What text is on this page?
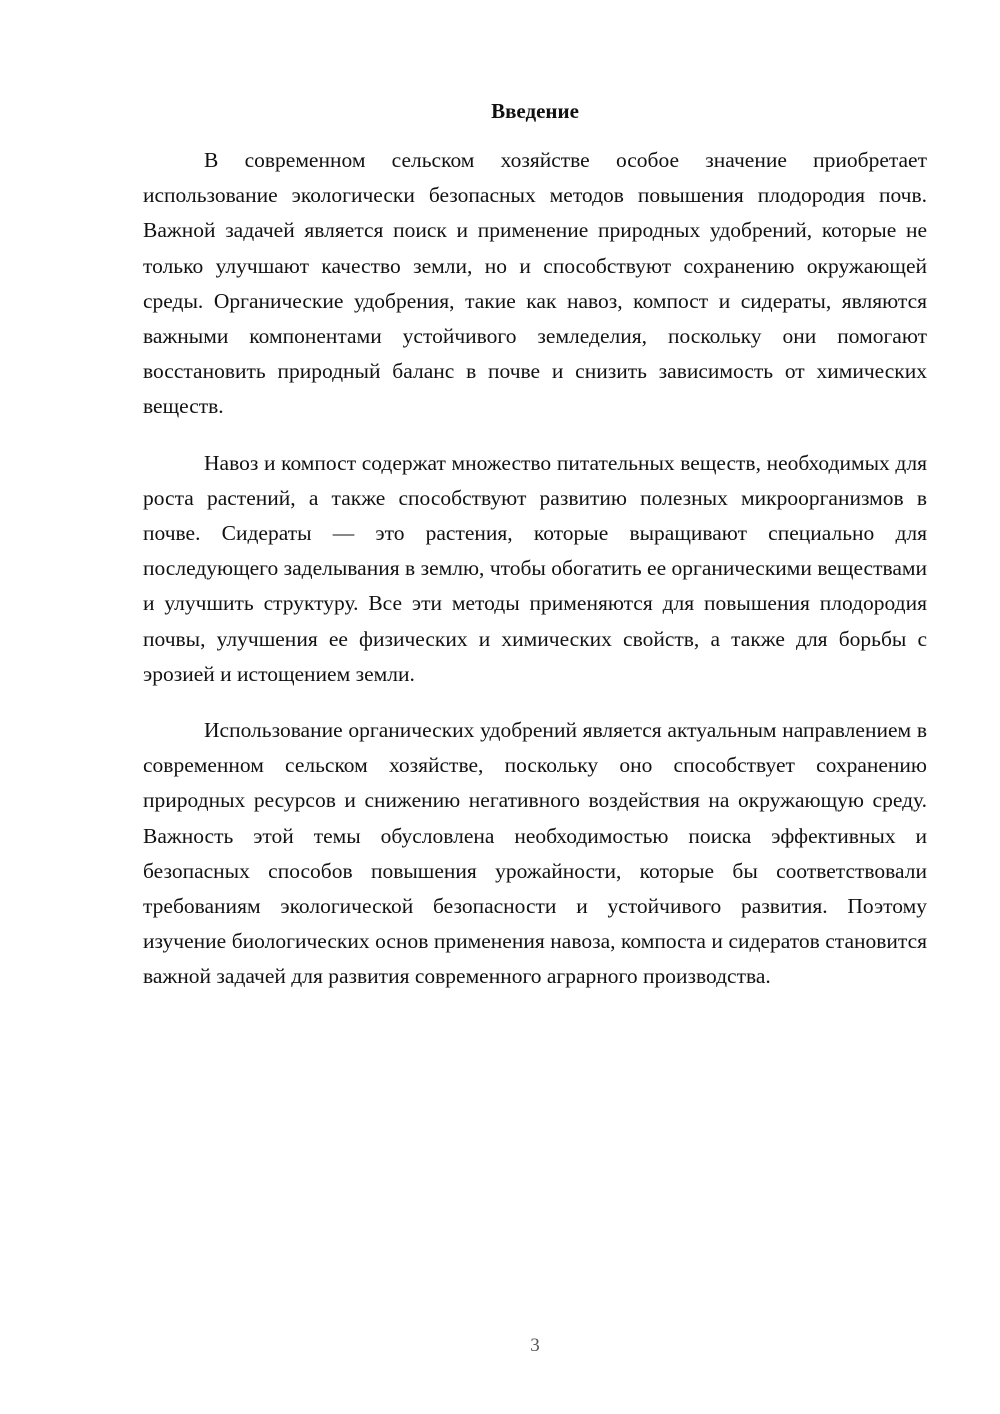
Введение

В современном сельском хозяйстве особое значение приобретает использование экологически безопасных методов повышения плодородия почв. Важной задачей является поиск и применение природных удобрений, которые не только улучшают качество земли, но и способствуют сохранению окружающей среды. Органические удобрения, такие как навоз, компост и сидераты, являются важными компонентами устойчивого земледелия, поскольку они помогают восстановить природный баланс в почве и снизить зависимость от химических веществ.

Навоз и компост содержат множество питательных веществ, необходимых для роста растений, а также способствуют развитию полезных микроорганизмов в почве. Сидераты — это растения, которые выращивают специально для последующего заделывания в землю, чтобы обогатить ее органическими веществами и улучшить структуру. Все эти методы применяются для повышения плодородия почвы, улучшения ее физических и химических свойств, а также для борьбы с эрозией и истощением земли.

Использование органических удобрений является актуальным направлением в современном сельском хозяйстве, поскольку оно способствует сохранению природных ресурсов и снижению негативного воздействия на окружающую среду. Важность этой темы обусловлена необходимостью поиска эффективных и безопасных способов повышения урожайности, которые бы соответствовали требованиям экологической безопасности и устойчивого развития. Поэтому изучение биологических основ применения навоза, компоста и сидератов становится важной задачей для развития современного аграрного производства.

3
